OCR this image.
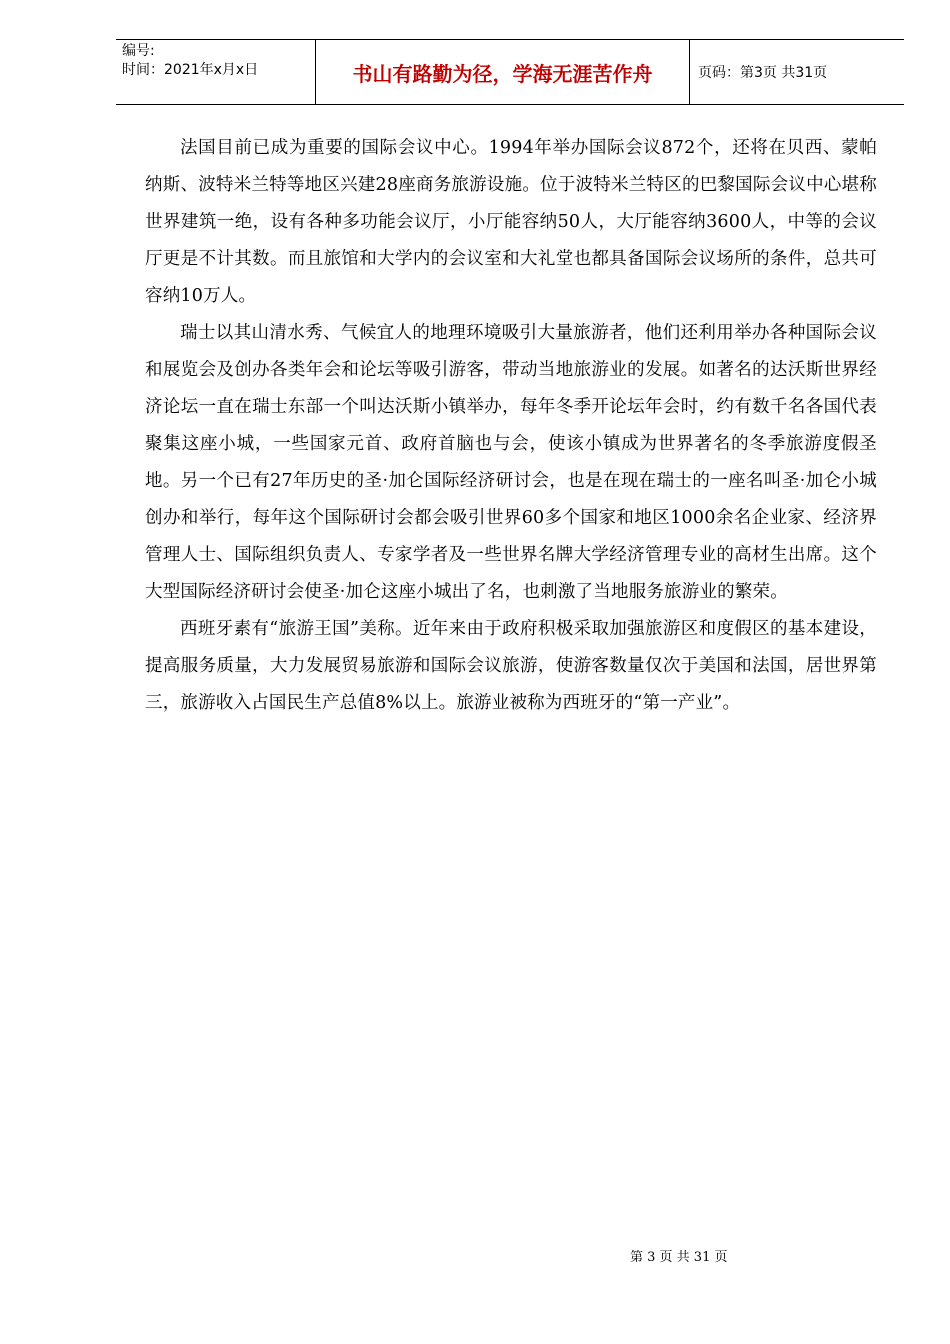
编号:
时间：2021年x月x日	书山有路勤为径，学海无涯苦作舟	页码：第3页 共31页

法国目前已成为重要的国际会议中心。1994年举办国际会议872个，还将在贝西、蒙帕纳斯、波特米兰特等地区兴建28座商务旅游设施。位于波特米兰特区的巴黎国际会议中心堪称世界建筑一绝，设有各种多功能会议厅，小厅能容纳50人，大厅能容纳3600人，中等的会议厅更是不计其数。而且旅馆和大学内的会议室和大礼堂也都具备国际会议场所的条件，总共可容纳10万人。

瑞士以其山清水秀、气候宜人的地理环境吸引大量旅游者，他们还利用举办各种国际会议和展览会及创办各类年会和论坛等吸引游客，带动当地旅游业的发展。如著名的达沃斯世界经济论坛一直在瑞士东部一个叫达沃斯小镇举办，每年冬季开论坛年会时，约有数千名各国代表聚集这座小城，一些国家元首、政府首脑也与会，使该小镇成为世界著名的冬季旅游度假圣地。另一个已有27年历史的圣·加仑国际经济研讨会，也是在现在瑞士的一座名叫圣·加仑小城创办和举行，每年这个国际研讨会都会吸引世界60多个国家和地区1000余名企业家、经济界管理人士、国际组织负责人、专家学者及一些世界名牌大学经济管理专业的高材生出席。这个大型国际经济研讨会使圣·加仑这座小城出了名，也刺激了当地服务旅游业的繁荣。

西班牙素有“旅游王国”美称。近年来由于政府积极采取加强旅游区和度假区的基本建设，提高服务质量，大力发展贸易旅游和国际会议旅游，使游客数量仅次于美国和法国，居世界第三，旅游收入占国民生产总值8%以上。旅游业被称为西班牙的“第一产业”。

第 3 页 共 31 页
